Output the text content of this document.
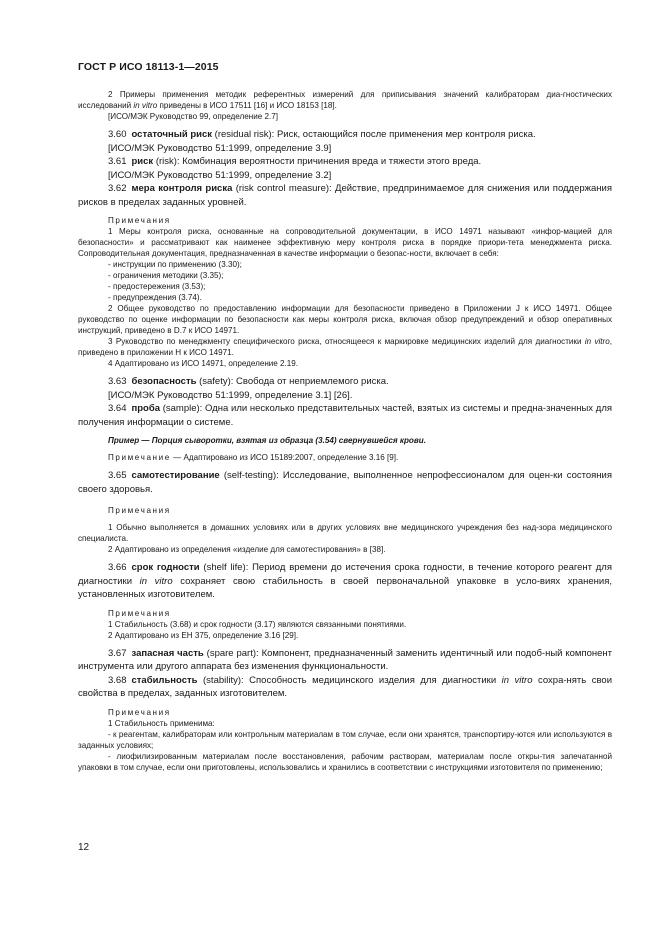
ГОСТ Р ИСО 18113-1—2015

2 Примеры применения методик референтных измерений для приписывания значений калибраторам диа-гностических исследований in vitro приведены в ИСО 17511 [16] и ИСО 18153 [18].

[ИСО/МЭК Руководство 99, определение 2.7]

3.60 остаточный риск (residual risk): Риск, остающийся после применения мер контроля риска.

[ИСО/МЭК Руководство 51:1999, определение 3.9]

3.61 риск (risk): Комбинация вероятности причинения вреда и тяжести этого вреда.

[ИСО/МЭК Руководство 51:1999, определение 3.2]

3.62 мера контроля риска (risk control measure): Действие, предпринимаемое для снижения или поддержания рисков в пределах заданных уровней.

Примечания

1 Меры контроля риска, основанные на сопроводительной документации, в ИСО 14971 называют «инфор-мацией для безопасности» и рассматривают как наименее эффективную меру контроля риска в порядке приори-тета менеджмента риска. Сопроводительная документация, предназначенная в качестве информации о безопас-ности, включает в себя:

- инструкции по применению (3.30);

- ограничения методики (3.35);

- предостережения (3.53);

- предупреждения (3.74).

2 Общее руководство по предоставлению информации для безопасности приведено в Приложении J к ИСО 14971. Общее руководство по оценке информации по безопасности как меры контроля риска, включая обзор предупреждений и обзор оперативных инструкций, приведено в D.7 к ИСО 14971.

3 Руководство по менеджменту специфического риска, относящееся к маркировке медицинских изделий для диагностики in vitro, приведено в приложении Н к ИСО 14971.

4 Адаптировано из ИСО 14971, определение 2.19.

3.63 безопасность (safety): Свобода от неприемлемого риска.

[ИСО/МЭК Руководство 51:1999, определение 3.1] [26].

3.64 проба (sample): Одна или несколько представительных частей, взятых из системы и предна-значенных для получения информации о системе.

Пример — Порция сыворотки, взятая из образца (3.54) свернувшейся крови.

Примечание — Адаптировано из ИСО 15189:2007, определение 3.16 [9].

3.65 самотестирование (self-testing): Исследование, выполненное непрофессионалом для оцен-ки состояния своего здоровья.

Примечания

1 Обычно выполняется в домашних условиях или в других условиях вне медицинского учреждения без над-зора медицинского специалиста.

2 Адаптировано из определения «изделие для самотестирования» в [38].

3.66 срок годности (shelf life): Период времени до истечения срока годности, в течение которого реагент для диагностики in vitro сохраняет свою стабильность в своей первоначальной упаковке в усло-виях хранения, установленных изготовителем.

Примечания

1 Стабильность (3.68) и срок годности (3.17) являются связанными понятиями.

2 Адаптировано из ЕН 375, определение 3.16 [29].

3.67 запасная часть (spare part): Компонент, предназначенный заменить идентичный или подоб-ный компонент инструмента или другого аппарата без изменения функциональности.

3.68 стабильность (stability): Способность медицинского изделия для диагностики in vitro сохра-нять свои свойства в пределах, заданных изготовителем.

Примечания

1 Стабильность применима:

- к реагентам, калибраторам или контрольным материалам в том случае, если они хранятся, транспортиру-ются или используются в заданных условиях;

- лиофилизированным материалам после восстановления, рабочим растворам, материалам после откры-тия запечатанной упаковки в том случае, если они приготовлены, использовались и хранились в соответствии с инструкциями изготовителя по применению;

12
